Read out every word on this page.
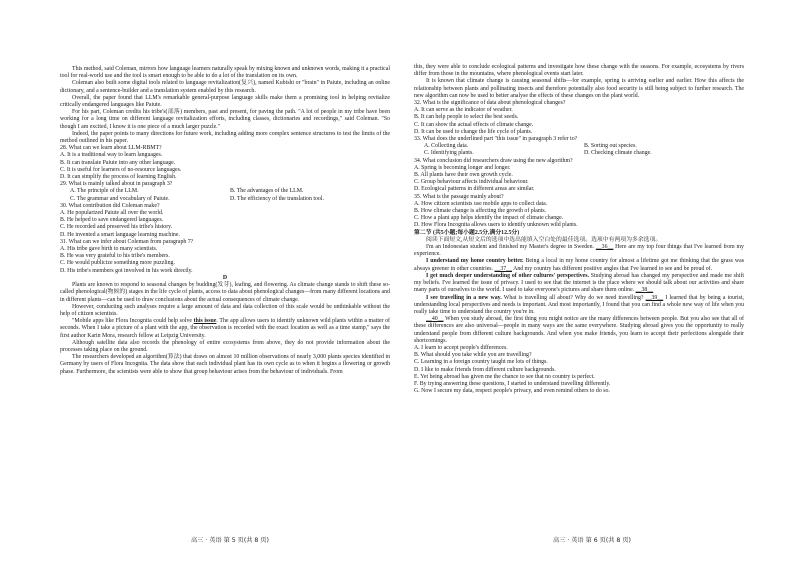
This method, said Coleman, mirrors how language learners naturally speak by mixing known and unknown words, making it a practical tool for real-world use and the tool is smart enough to be able to do a lot of the translation on its own.

Coleman also built some digital tools related to language revitalization(复兴), named Kubishi or "brain" in Paiute, including an online dictionary, and a sentence-builder and a translation system enabled by this research.

Overall, the paper found that LLM's remarkable general-purpose language skills make them a promising tool in helping revitalize critically endangered languages like Paiute.

For his part, Coleman credits his tribe's(部落) members, past and present, for paving the path. "A lot of people in my tribe have been working for a long time on different language revitalization efforts, including classes, dictionaries and recordings," said Coleman. "So though I am excited, I know it is one piece of a much larger puzzle."

Indeed, the paper points to many directions for future work, including adding more complex sentence structures to test the limits of the method outlined in his paper.

28. What can we learn about LLM-RBMT?

A. It is a traditional way to learn languages.

B. It can translate Paiute into any other language.

C. It is useful for learners of no-resource languages.

D. It can simplify the process of learning English.

29. What is mainly talked about in paragraph 3?

A. The principle of the LLM.	B. The advantages of the LLM.
C. The grammar and vocabulary of Paiute.	D. The efficiency of the translation tool.

30. What contribution did Coleman make?

A. He popularized Paiute all over the world.

B. He helped to save endangered languages.

C. He recorded and preserved his tribe's history.

D. He invented a smart language learning machine.

31. What can we infer about Coleman from paragraph 7?

A. His tribe gave birth to many scientists.

B. He was very grateful to his tribe's members.

C. He would publicize something more puzzling.

D. His tribe's members got involved in his work directly.

D

Plants are known to respond to seasonal changes by budding(发芽), leafing, and flowering. As climate change stands to shift these so-called phenological(物候的) stages in the life cycle of plants, access to data about phenological changes—from many different locations and in different plants—can be used to draw conclusions about the actual consequences of climate change.

However, conducting such analyses require a large amount of data and data collection of this scale would be unthinkable without the help of citizen scientists.

"Mobile apps like Flora Incognita could help solve this issue. The app allows users to identify unknown wild plants within a matter of seconds. When I take a picture of a plant with the app, the observation is recorded with the exact location as well as a time stamp," says the first author Karin Mora, research fellow at Leipzig University.

Although satellite data also records the phenology of entire ecosystems from above, they do not provide information about the processes taking place on the ground.

The researchers developed an algorithm(算法) that draws on almost 10 million observations of nearly 3,000 plants species identified in Germany by users of Flora Incognita. The data show that each individual plant has its own cycle as to when it begins a flowering or growth phase. Furthermore, the scientists were able to show that group behaviour arises from the behaviour of individuals. From

this, they were able to conclude ecological patterns and investigate how these change with the seasons. For example, ecosystems by rivers differ from those in the mountains, where phenological events start later.

It is known that climate change is causing seasonal shifts—for example, spring is arriving earlier and earlier. How this affects the relationship between plants and pollinating insects and therefore potentially also food security is still being subject to further research. The new algorithm can now be used to better analyse the effects of these changes on the plant world.

32. What is the significance of data about phenological changes?

A. It can serve as the indicator of weather.

B. It can help people to select the best seeds.

C. It can show the actual effects of climate change.

D. It can be used to change the life cycle of plants.

33. What does the underlined part "this issue" in paragraph 3 refer to?

A. Collecting data.	B. Sorting out species.
C. Identifying plants.	D. Checking climate change.

34. What conclusion did researchers draw using the new algorithm?

A. Spring is becoming longer and longer.

B. All plants have their own growth cycle.

C. Group behaviour affects individual behaviour.

D. Ecological patterns in different areas are similar.

35. What is the passage mainly about?

A. How citizen scientists use mobile apps to collect data.

B. How climate change is affecting the growth of plants.

C. How a plant app helps identify the impact of climate change.

D. How Flora Incognita allows users to identify unknown wild plants.

第二节 (共5小题;每小题2.5分,满分12.5分)

阅读下面短文,从短文后的选项中选出能填入空白处的最佳选项。选项中有两项为多余选项。

I'm an Indonesian student and finished my Master's degree in Sweden. __36__ Here are my top four things that I've learned from my experience.

I understand my home country better. Being a local in my home country for almost a lifetime got me thinking that the grass was always greener in other countries. __37__ And my country has different positive angles that I've learned to see and be proud of.

I get much deeper understanding of other cultures' perspectives. Studying abroad has changed my perspective and made me shift my beliefs. I've learned the issue of privacy. I used to see that the internet is the place where we should talk about our activities and share many parts of ourselves to the world. I used to take everyone's pictures and share them online. __38__

I see travelling in a new way. What is travelling all about? Why do we need travelling? __39__ I learned that by being a tourist, understanding local perspectives and needs is important. And most importantly, I found that you can find a whole new way of life when you really take time to understand the country you're in.

__40__ When you study abroad, the first thing you might notice are the many differences between people. But you also see that all of these differences are also universal—people in many ways are the same everywhere. Studying abroad gives you the opportunity to really understand people from different culture backgrounds. And when you make friends, you learn to accept their perfections alongside their shortcomings.

A. I learn to accept people's differences.

B. What should you take while you are travelling?

C. Learning in a foreign country taught me lots of things.

D. I like to make friends from different culture backgrounds.

E. Yet being abroad has given me the chance to see that no country is perfect.

F. By trying answering these questions, I started to understand travelling differently.

G. Now I secure my data, respect people's privacy, and even remind others to do so.

高三 · 英语 第 5 页(共 8 页)	高三 · 英语 第 6 页(共 8 页)
